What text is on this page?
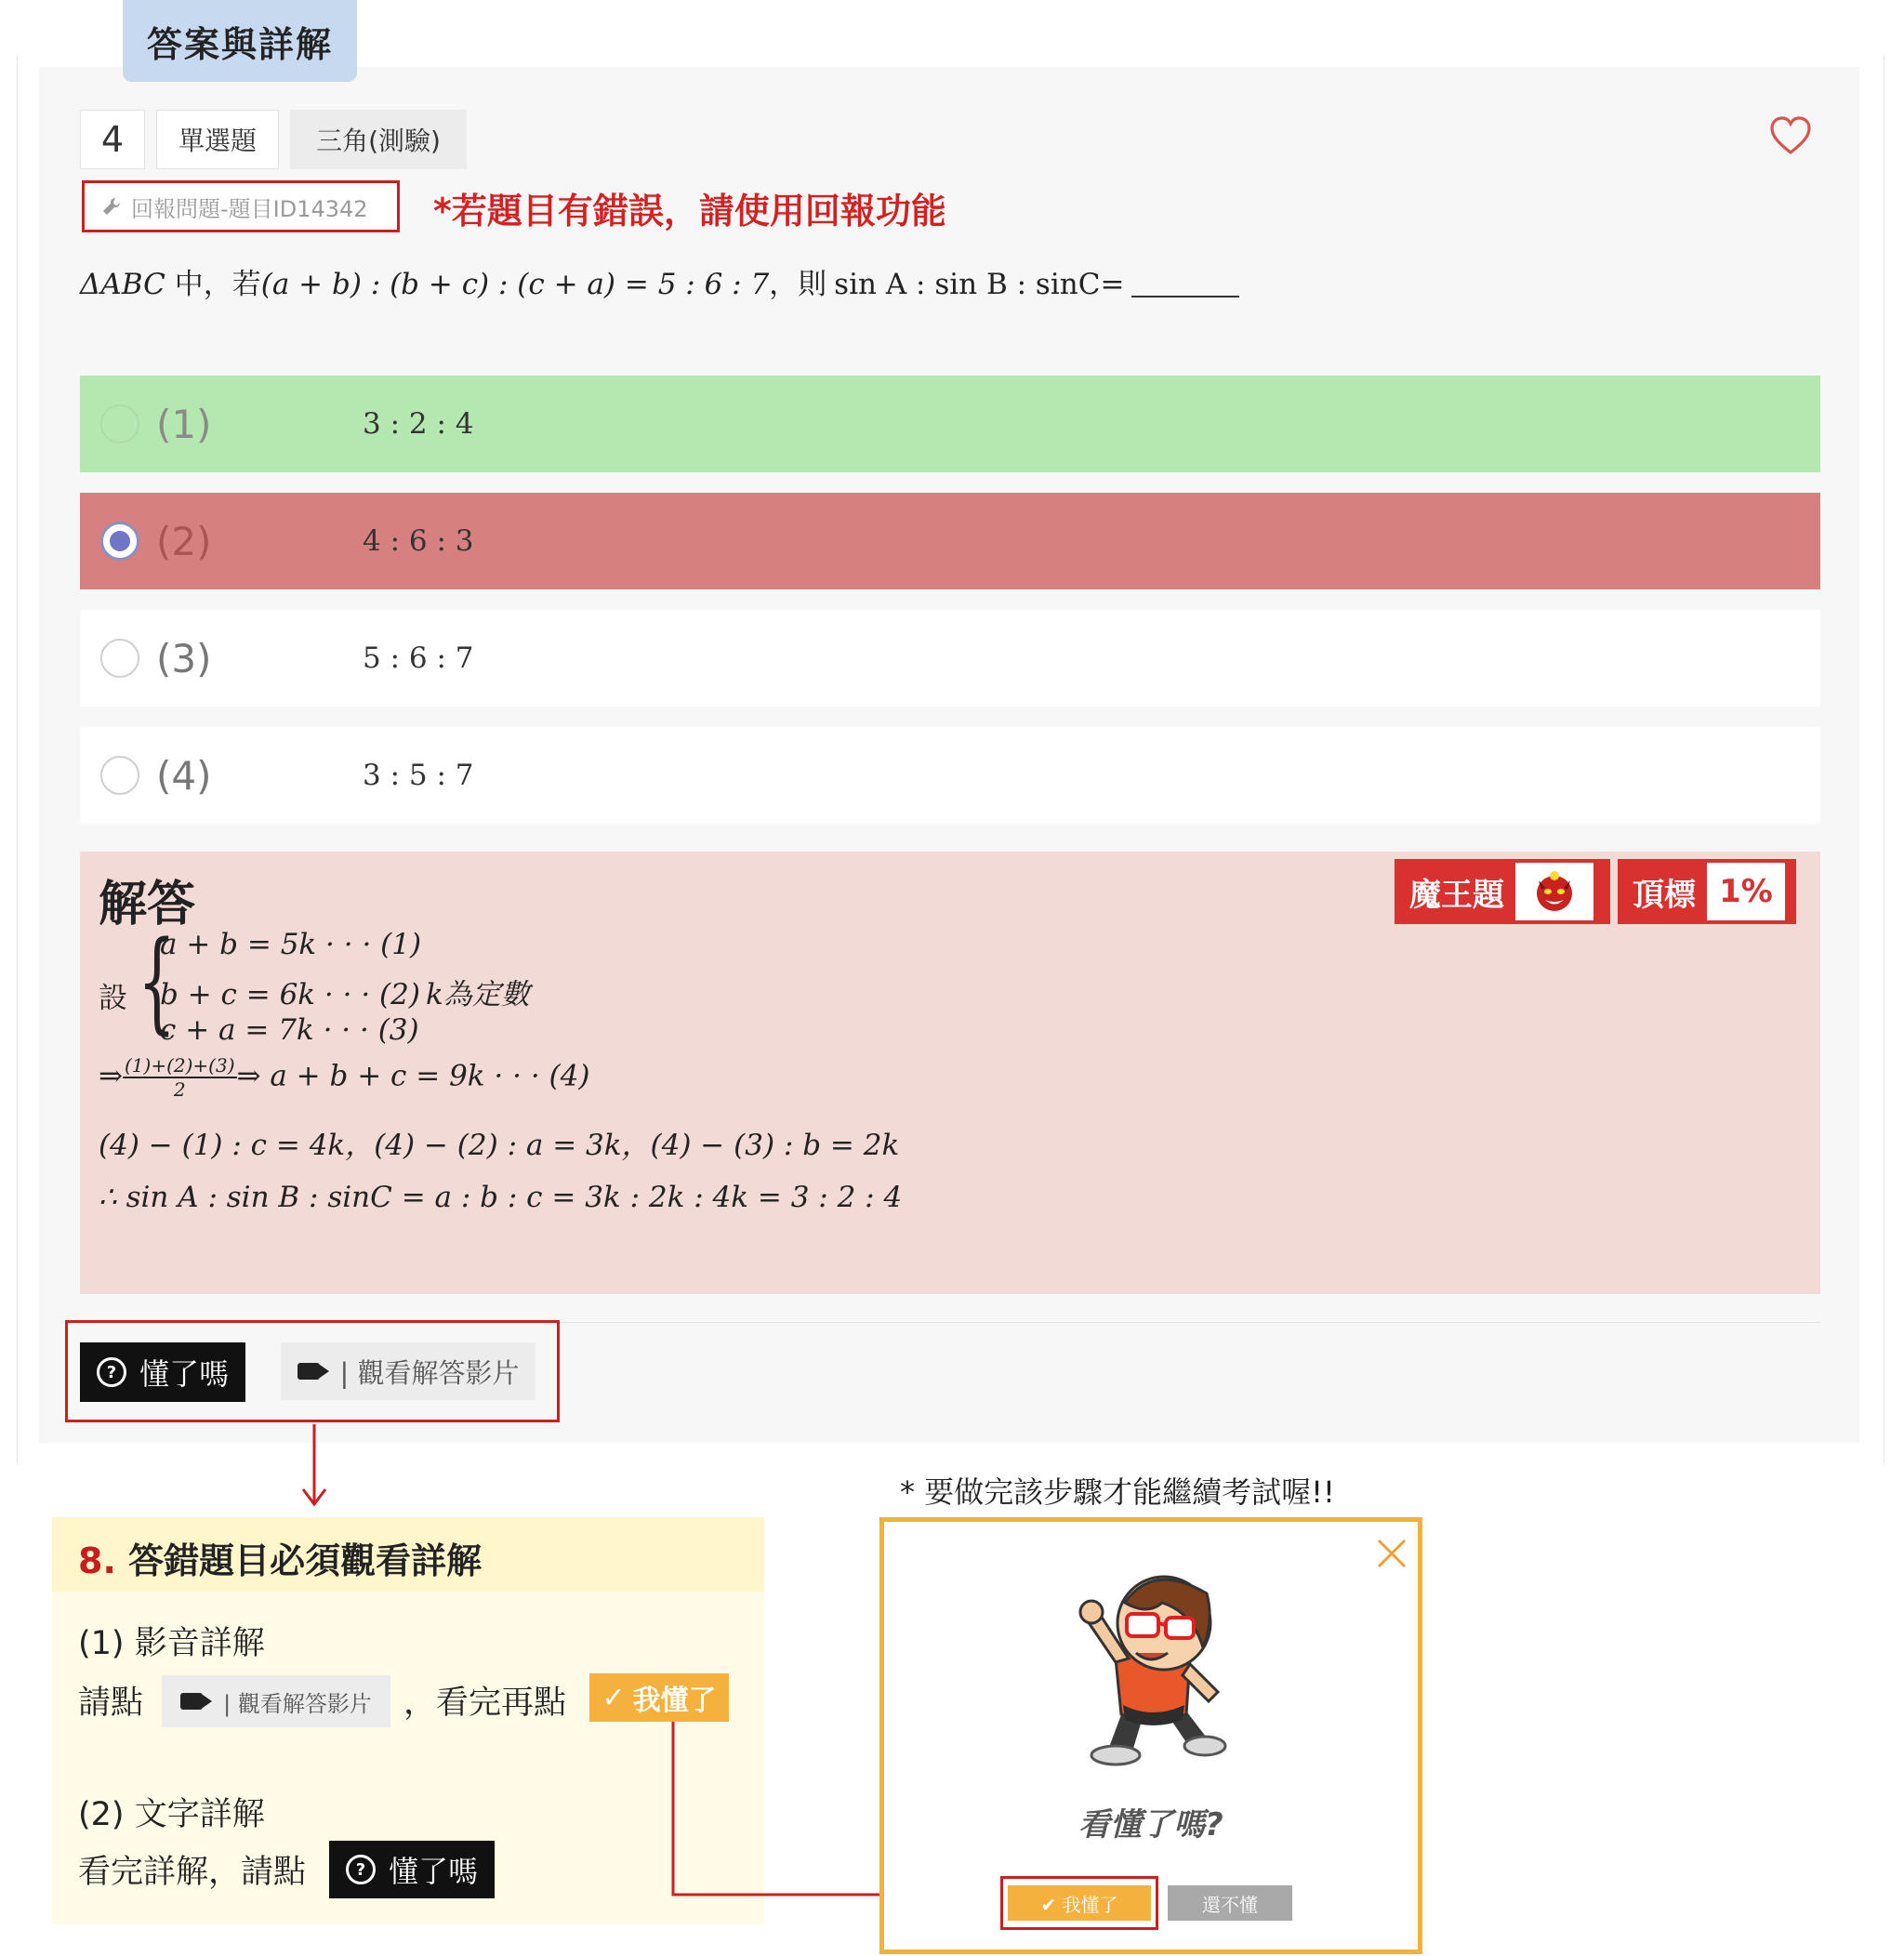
答案與詳解
4	單選題	三角(測驗)
回報問題-題目ID14342 *若題目有錯誤，請使用回報功能
ΔABC 中，若(a + b) : (b + c) : (c + a) = 5 : 6 : 7，則 sin A : sin B : sinC=
(1)	3 : 2 : 4
(2)	4 : 6 : 3
(3)	5 : 6 : 7
(4)	3 : 5 : 7
解答	魔王題	頂標 1%
設 {
a + b = 5k · · · (1)
b + c = 6k · · · (2) k為定數
c + a = 7k · · · (3)
⇒ $\frac{(1)+(2)+(3)}{2}$ ⇒ a + b + c = 9k · · · (4)
(4) − (1) : c = 4k，(4) − (2) : a = 3k，(4) − (3) : b = 2k
∴ sin A : sin B : sinC = a : b : c = 3k : 2k : 4k = 3 : 2 : 4
? 懂了嗎	| 觀看解答影片
8. 答錯題目必須觀看詳解
(1) 影音詳解
請點	| 觀看解答影片 ，看完再點 ✓ 我懂了
(2) 文字詳解
看完詳解，請點	? 懂了嗎
* 要做完該步驟才能繼續考試喔!!
看懂了嗎?
✔ 我懂了	還不懂
